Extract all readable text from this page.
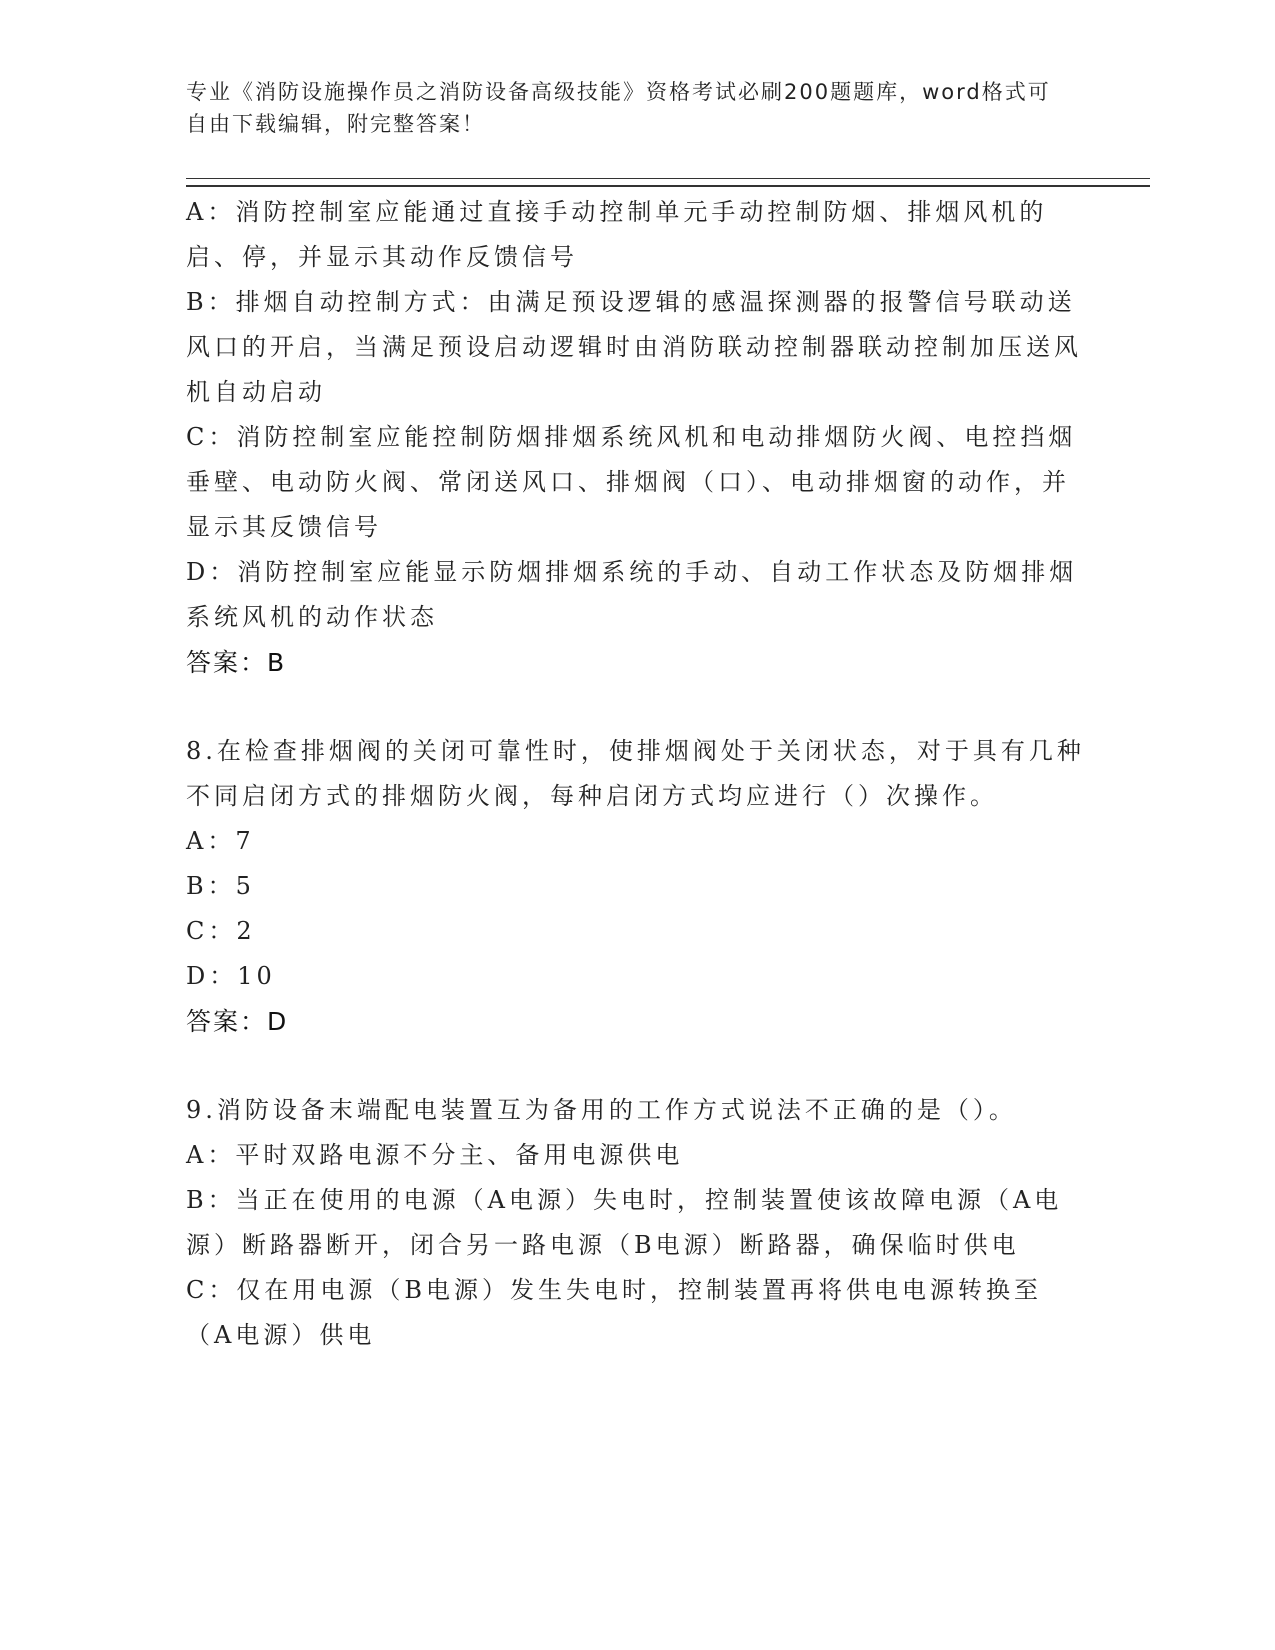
专业《消防设施操作员之消防设备高级技能》资格考试必刷200题题库，word格式可自由下载编辑，附完整答案！

A：消防控制室应能通过直接手动控制单元手动控制防烟、排烟风机的启、停，并显示其动作反馈信号

B：排烟自动控制方式：由满足预设逻辑的感温探测器的报警信号联动送风口的开启，当满足预设启动逻辑时由消防联动控制器联动控制加压送风机自动启动

C：消防控制室应能控制防烟排烟系统风机和电动排烟防火阀、电控挡烟垂壁、电动防火阀、常闭送风口、排烟阀（口）、电动排烟窗的动作，并显示其反馈信号

D：消防控制室应能显示防烟排烟系统的手动、自动工作状态及防烟排烟系统风机的动作状态

答案：B

8.在检查排烟阀的关闭可靠性时，使排烟阀处于关闭状态，对于具有几种不同启闭方式的排烟防火阀，每种启闭方式均应进行（）次操作。

A：7

B：5

C：2

D：10

答案：D

9.消防设备末端配电装置互为备用的工作方式说法不正确的是（）。

A：平时双路电源不分主、备用电源供电

B：当正在使用的电源（A电源）失电时，控制装置使该故障电源（A电源）断路器断开，闭合另一路电源（B电源）断路器，确保临时供电

C：仅在用电源（B电源）发生失电时，控制装置再将供电电源转换至（A电源）供电
